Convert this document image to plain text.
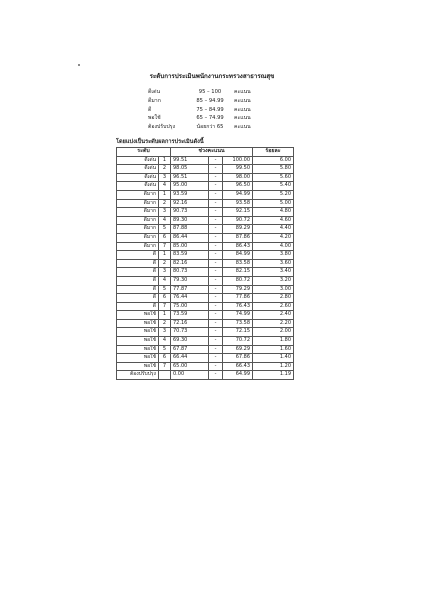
ระดับการประเมินพนักงานกระทรวงสาธารณสุข
ดีเด่น	95 – 100	คะแนน
ดีมาก	85 – 94.99	คะแนน
ดี	75 – 84.99	คะแนน
พอใช้	65 – 74.99	คะแนน
ต้องปรับปรุง	น้อยกว่า 65	คะแนน
โดยแบ่งเป็นระดับผลการประเมินดังนี้
ระดับ		ช่วงคะแนน			ร้อยละ
ดีเด่น	1	99.51	-	100.00	6.00
ดีเด่น	2	98.05	-	99.50	5.80
ดีเด่น	3	96.51	-	98.00	5.60
ดีเด่น	4	95.00	-	96.50	5.40
ดีมาก	1	93.59	-	94.99	5.20
ดีมาก	2	92.16	-	93.58	5.00
ดีมาก	3	90.73	-	92.15	4.80
ดีมาก	4	89.30	-	90.72	4.60
ดีมาก	5	87.88	-	89.29	4.40
ดีมาก	6	86.44	-	87.86	4.20
ดีมาก	7	85.00	-	86.43	4.00
ดี	1	83.59	-	84.99	3.80
ดี	2	82.16	-	83.58	3.60
ดี	3	80.73	-	82.15	3.40
ดี	4	79.30	-	80.72	3.20
ดี	5	77.87	-	79.29	3.00
ดี	6	76.44	-	77.86	2.80
ดี	7	75.00	-	76.43	2.60
พอใช้	1	73.59	-	74.99	2.40
พอใช้	2	72.16	-	73.58	2.20
พอใช้	3	70.73	-	72.15	2.00
พอใช้	4	69.30	-	70.72	1.80
พอใช้	5	67.87	-	69.29	1.60
พอใช้	6	66.44	-	67.86	1.40
พอใช้	7	65.00	-	66.43	1.20
ต้องปรับปรุง		0.00	-	64.99	1.19
